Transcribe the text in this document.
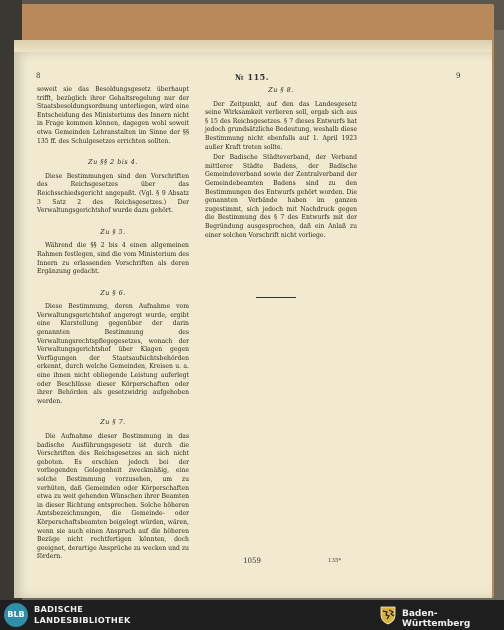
8	№ 115.	9

soweit sie das Besoldungsgesetz überhaupt trifft, bezüglich ihrer Gehaltsregelung nur der Staatsbesoldungsordnung unterliegen, wird eine Entscheidung des Ministeriums des Innern nicht in Frage kommen können, dagegen wohl soweit etwa Gemeinden Lehranstalten im Sinne der §§ 135 ff. des Schulgesetzes errichten sollten.

Zu §§ 2 bis 4.

Diese Bestimmungen sind den Vorschriften des Reichsgesetzes über das Reichsschiedsgericht angepaßt. (Vgl. § 9 Absatz 3 Satz 2 des Reichsgesetzes.) Der Verwaltungsgerichtshof wurde dazu gehört.

Zu § 5.

Während die §§ 2 bis 4 einen allgemeinen Rahmen festlegen, sind die vom Ministerium des Innern zu erlassenden Vorschriften als deren Ergänzung gedacht.

Zu § 6.

Diese Bestimmung, deren Aufnahme vom Verwaltungsgerichtshof angeregt wurde, ergibt eine Klarstellung gegenüber der darin genannten Bestimmung des Verwaltungsrechtspflegegesetzes, wonach der Verwaltungsgerichtshof über Klagen gegen Verfügungen der Staatsaufsichtsbehörden erkennt, durch welche Gemeinden, Kreisen u. a. eine ihnen nicht obliegende Leistung auferlegt oder Beschlüsse dieser Körperschaften oder ihrer Behörden als gesetzwidrig aufgehoben werden.

Zu § 7.

Die Aufnahme dieser Bestimmung in das badische Ausführungsgesetz ist durch die Vorschriften des Reichsgesetzes an sich nicht geboten. Es erschien jedoch bei der vorliegenden Gelegenheit zweckmäßig, eine solche Bestimmung vorzusehen, um zu verhüten, daß Gemeinden oder Körperschaften etwa zu weit gehenden Wünschen ihrer Beamten in dieser Richtung entsprechen. Solche höheren Amtsbezeichnungen, die Gemeinde- oder Körperschaftsbeamten beigelegt würden, wären, wenn sie auch einen Anspruch auf die höheren Bezüge nicht rechtfertigen könnten, doch geeignet, derartige Ansprüche zu wecken und zu fördern.

Zu § 8.

Der Zeitpunkt, auf den das Landesgesetz seine Wirksamkeit verlieren soll, ergab sich aus § 15 des Reichsgesetzes. § 7 dieses Entwurfs hat jedoch grundsätzliche Bedeutung, weshalb diese Bestimmung nicht ebenfalls auf 1. April 1923 außer Kraft treten sollte.

Der Badische Städteverband, der Verband mittlerer Städte Badens, der Badische Gemeindeverband sowie der Zentralverband der Gemeindebeamten Badens sind zu den Bestimmungen des Entwurfs gehört worden. Die genannten Verbände haben im ganzen zugestimmt, sich jedoch mit Nachdruck gegen die Bestimmung des § 7 des Entwurfs mit der Begründung ausgesprochen, daß ein Anlaß zu einer solchen Vorschrift nicht vorliege.

1059	135*
BLB
BADISCHE
LANDESBIBLIOTHEK
Baden-Württemberg
